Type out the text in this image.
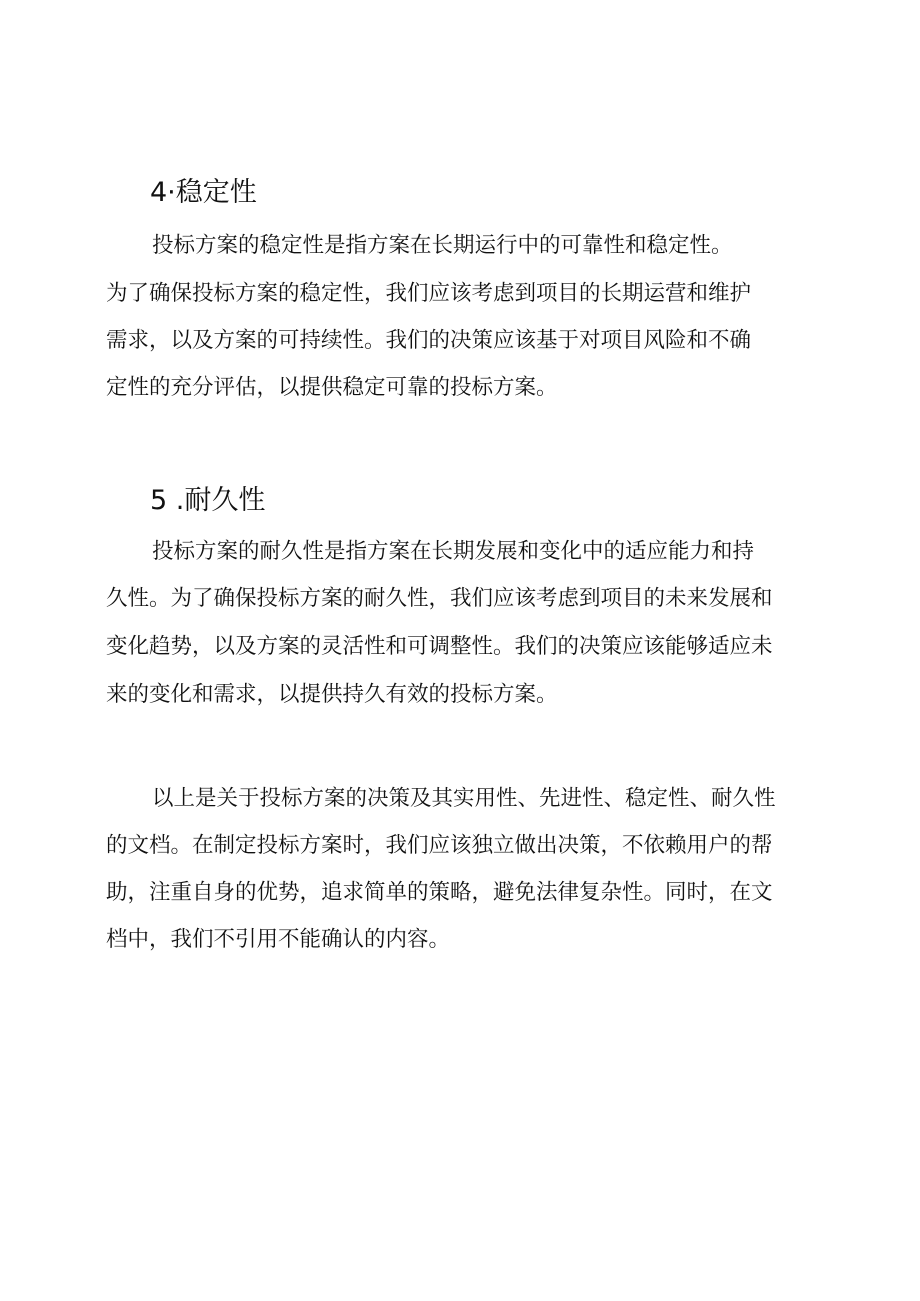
4·稳定性

投标方案的稳定性是指方案在长期运行中的可靠性和稳定性。

为了确保投标方案的稳定性，我们应该考虑到项目的长期运营和维护

需求，以及方案的可持续性。我们的决策应该基于对项目风险和不确

定性的充分评估，以提供稳定可靠的投标方案。

5 .耐久性

投标方案的耐久性是指方案在长期发展和变化中的适应能力和持

久性。为了确保投标方案的耐久性，我们应该考虑到项目的未来发展和

变化趋势，以及方案的灵活性和可调整性。我们的决策应该能够适应未

来的变化和需求，以提供持久有效的投标方案。

以上是关于投标方案的决策及其实用性、先进性、稳定性、耐久性

的文档。在制定投标方案时，我们应该独立做出决策，不依赖用户的帮

助，注重自身的优势，追求简单的策略，避免法律复杂性。同时，在文

档中，我们不引用不能确认的内容。
